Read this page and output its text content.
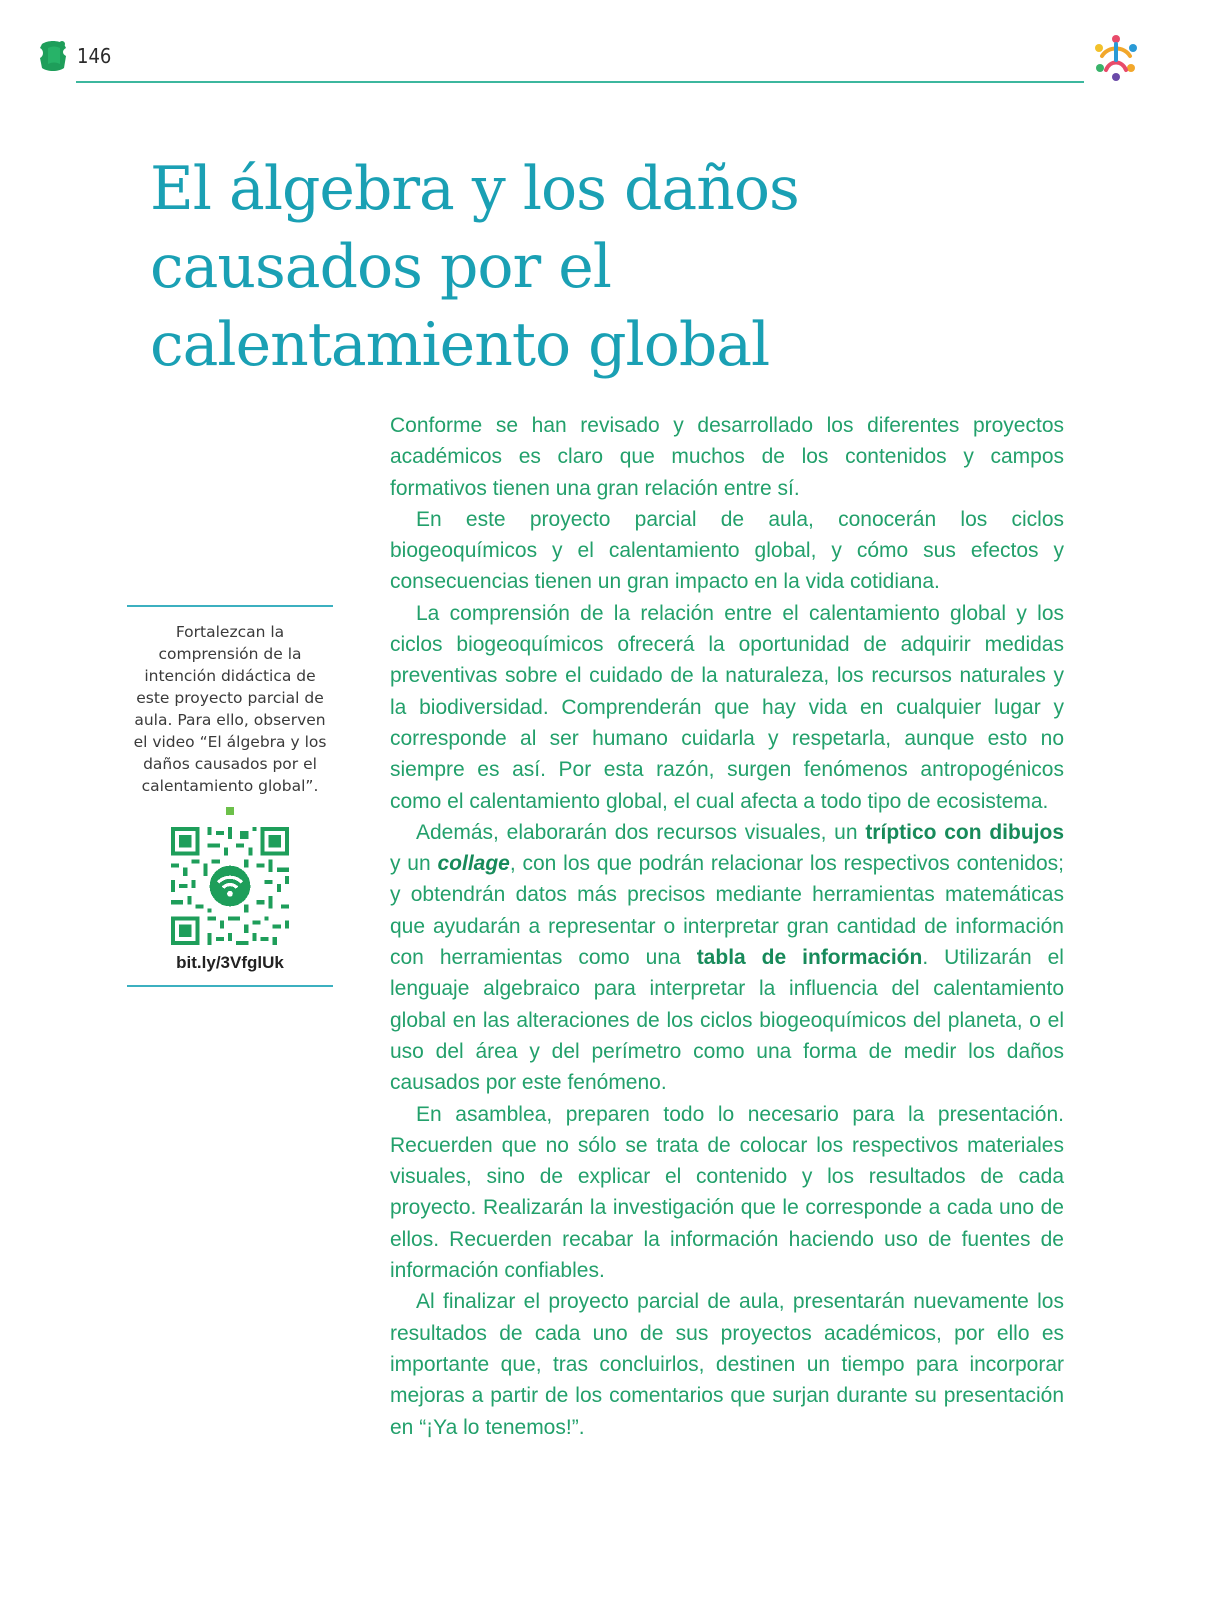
146
El álgebra y los daños
causados por el
calentamiento global

Fortalezcan la comprensión de la intención didáctica de este proyecto parcial de aula. Para ello, observen el video “El álgebra y los daños causados por el calentamiento global”.

bit.ly/3VfglUk

Conforme se han revisado y desarrollado los diferentes proyectos académicos es claro que muchos de los contenidos y campos formativos tienen una gran relación entre sí.

En este proyecto parcial de aula, conocerán los ciclos biogeoquímicos y el calentamiento global, y cómo sus efectos y consecuencias tienen un gran impacto en la vida cotidiana.

La comprensión de la relación entre el calentamiento global y los ciclos biogeoquímicos ofrecerá la oportunidad de adquirir medidas preventivas sobre el cuidado de la naturaleza, los recursos naturales y la biodiversidad. Comprenderán que hay vida en cualquier lugar y corresponde al ser humano cuidarla y respetarla, aunque esto no siempre es así. Por esta razón, surgen fenómenos antropogénicos como el calentamiento global, el cual afecta a todo tipo de ecosistema.

Además, elaborarán dos recursos visuales, un tríptico con dibujos y un collage, con los que podrán relacionar los respectivos contenidos; y obtendrán datos más precisos mediante herramientas matemáticas que ayudarán a representar o interpretar gran cantidad de información con herramientas como una tabla de información. Utilizarán el lenguaje algebraico para interpretar la influencia del calentamiento global en las alteraciones de los ciclos biogeoquímicos del planeta, o el uso del área y del perímetro como una forma de medir los daños causados por este fenómeno.

En asamblea, preparen todo lo necesario para la presentación. Recuerden que no sólo se trata de colocar los respectivos materiales visuales, sino de explicar el contenido y los resultados de cada proyecto. Realizarán la investigación que le corresponde a cada uno de ellos. Recuerden recabar la información haciendo uso de fuentes de información confiables.

Al finalizar el proyecto parcial de aula, presentarán nuevamente los resultados de cada uno de sus proyectos académicos, por ello es importante que, tras concluirlos, destinen un tiempo para incorporar mejoras a partir de los comentarios que surjan durante su presentación en “¡Ya lo tenemos!”.
